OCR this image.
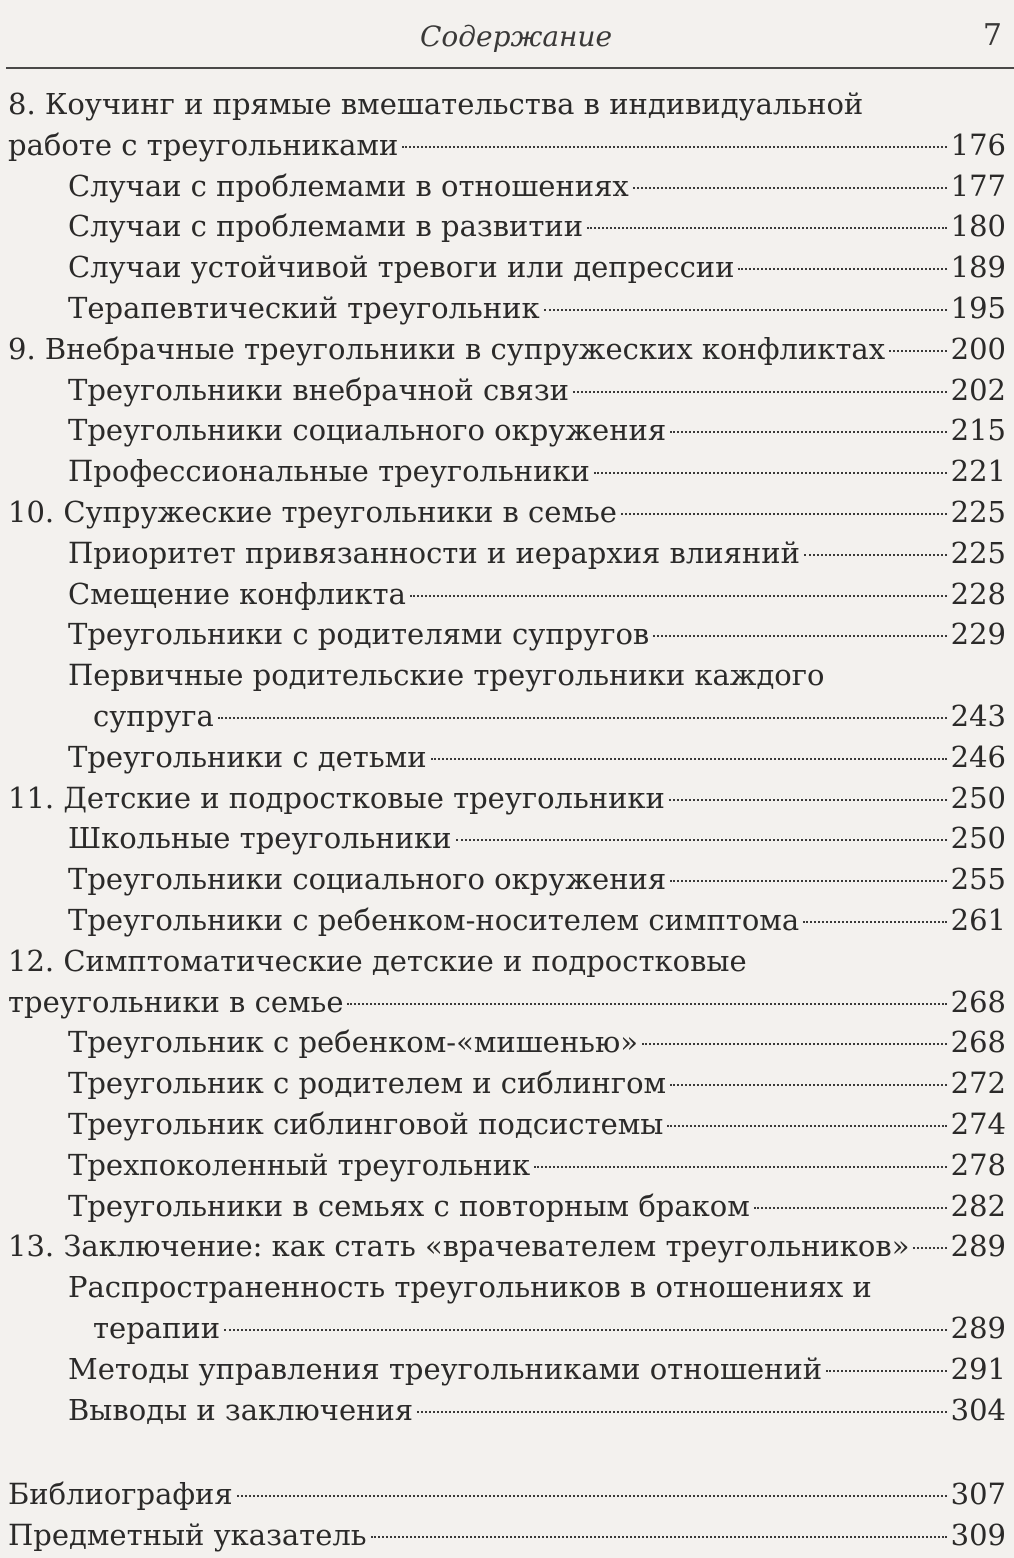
Содержание	7
8. Коучинг и прямые вмешательства в индивидуальной
работе с треугольниками	176
Случаи с проблемами в отношениях	177
Случаи с проблемами в развитии	180
Случаи устойчивой тревоги или депрессии	189
Терапевтический треугольник	195
9. Внебрачные треугольники в супружеских конфликтах 200
Треугольники внебрачной связи	202
Треугольники социального окружения	215
Профессиональные треугольники	221
10. Супружеские треугольники в семье	225
Приоритет привязанности и иерархия влияний	225
Смещение конфликта	228
Треугольники с родителями супругов	229
Первичные родительские треугольники каждого
супруга	243
Треугольники с детьми	246
11. Детские и подростковые треугольники	250
Школьные треугольники	250
Треугольники социального окружения	255
Треугольники с ребенком-носителем симптома	261
12. Симптоматические детские и подростковые
треугольники в семье	268
Треугольник с ребенком-«мишенью»	268
Треугольник с родителем и сиблингом	272
Треугольник сиблинговой подсистемы	274
Трехпоколенный треугольник	278
Треугольники в семьях с повторным браком	282
13. Заключение: как стать «врачевателем треугольников» 289
Распространенность треугольников в отношениях и
терапии	289
Методы управления треугольниками отношений	291
Выводы и заключения	304
Библиография	307
Предметный указатель	309
